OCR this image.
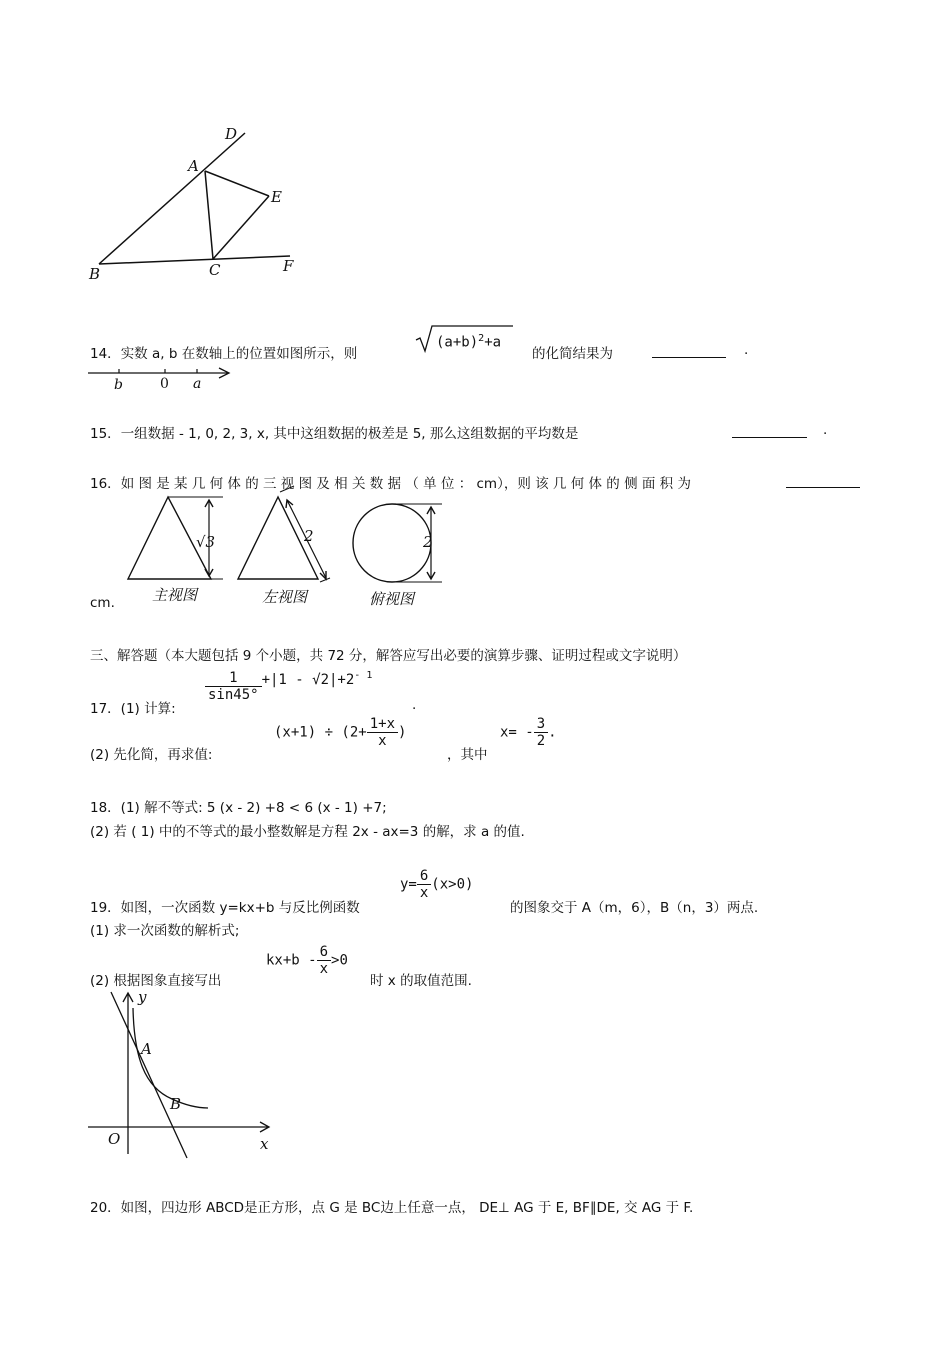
D
A
E
B	C	F
14．实数 a, b 在数轴上的位置如图所示，则
$(a+b)^2+a$
的化简结果为	.
b	0 a
15．一组数据 - 1, 0, 2, 3, x, 其中这组数据的极差是 5, 那么这组数据的平均数是	.
16．如 图 是 某 几 何 体 的 三 视 图 及 相 关 数 据 （ 单 位 ： cm），则 该 几 何 体 的 侧 面 积 为
√3
主视图
2
左视图
2
俯视图
cm.
三、解答题（本大题包括 9 个小题，共 72 分，解答应写出必要的演算步骤、证明过程或文字说明）
17．(1) 计算:
$\frac{1}{\sin 45^\circ} +|1 - √2|+2^{- 1}$
.
(2) 先化简，再求值:
$(x+1) \div (2+ \frac{1+x}{x}$ )
，其中
$x= - \frac{3}{2}$ .
18．(1) 解不等式: 5 (x - 2) +8 < 6 (x - 1) +7;
(2) 若 ( 1) 中的不等式的最小整数解是方程 2x - ax=3 的解，求 a 的值.
19．如图，一次函数 y=kx+b 与反比例函数
$y= \frac{6}{x} (x>0)$
的图象交于 A（m，6），B（n，3）两点.
(1) 求一次函数的解析式;
(2) 根据图象直接写出
$kx+b - \frac{6}{x} >0$
时 x 的取值范围.
y
A
B
O	x
20．如图，四边形 ABCD是正方形，点 G 是 BC边上任意一点， DE⊥ AG 于 E, BF∥DE, 交 AG 于 F.
